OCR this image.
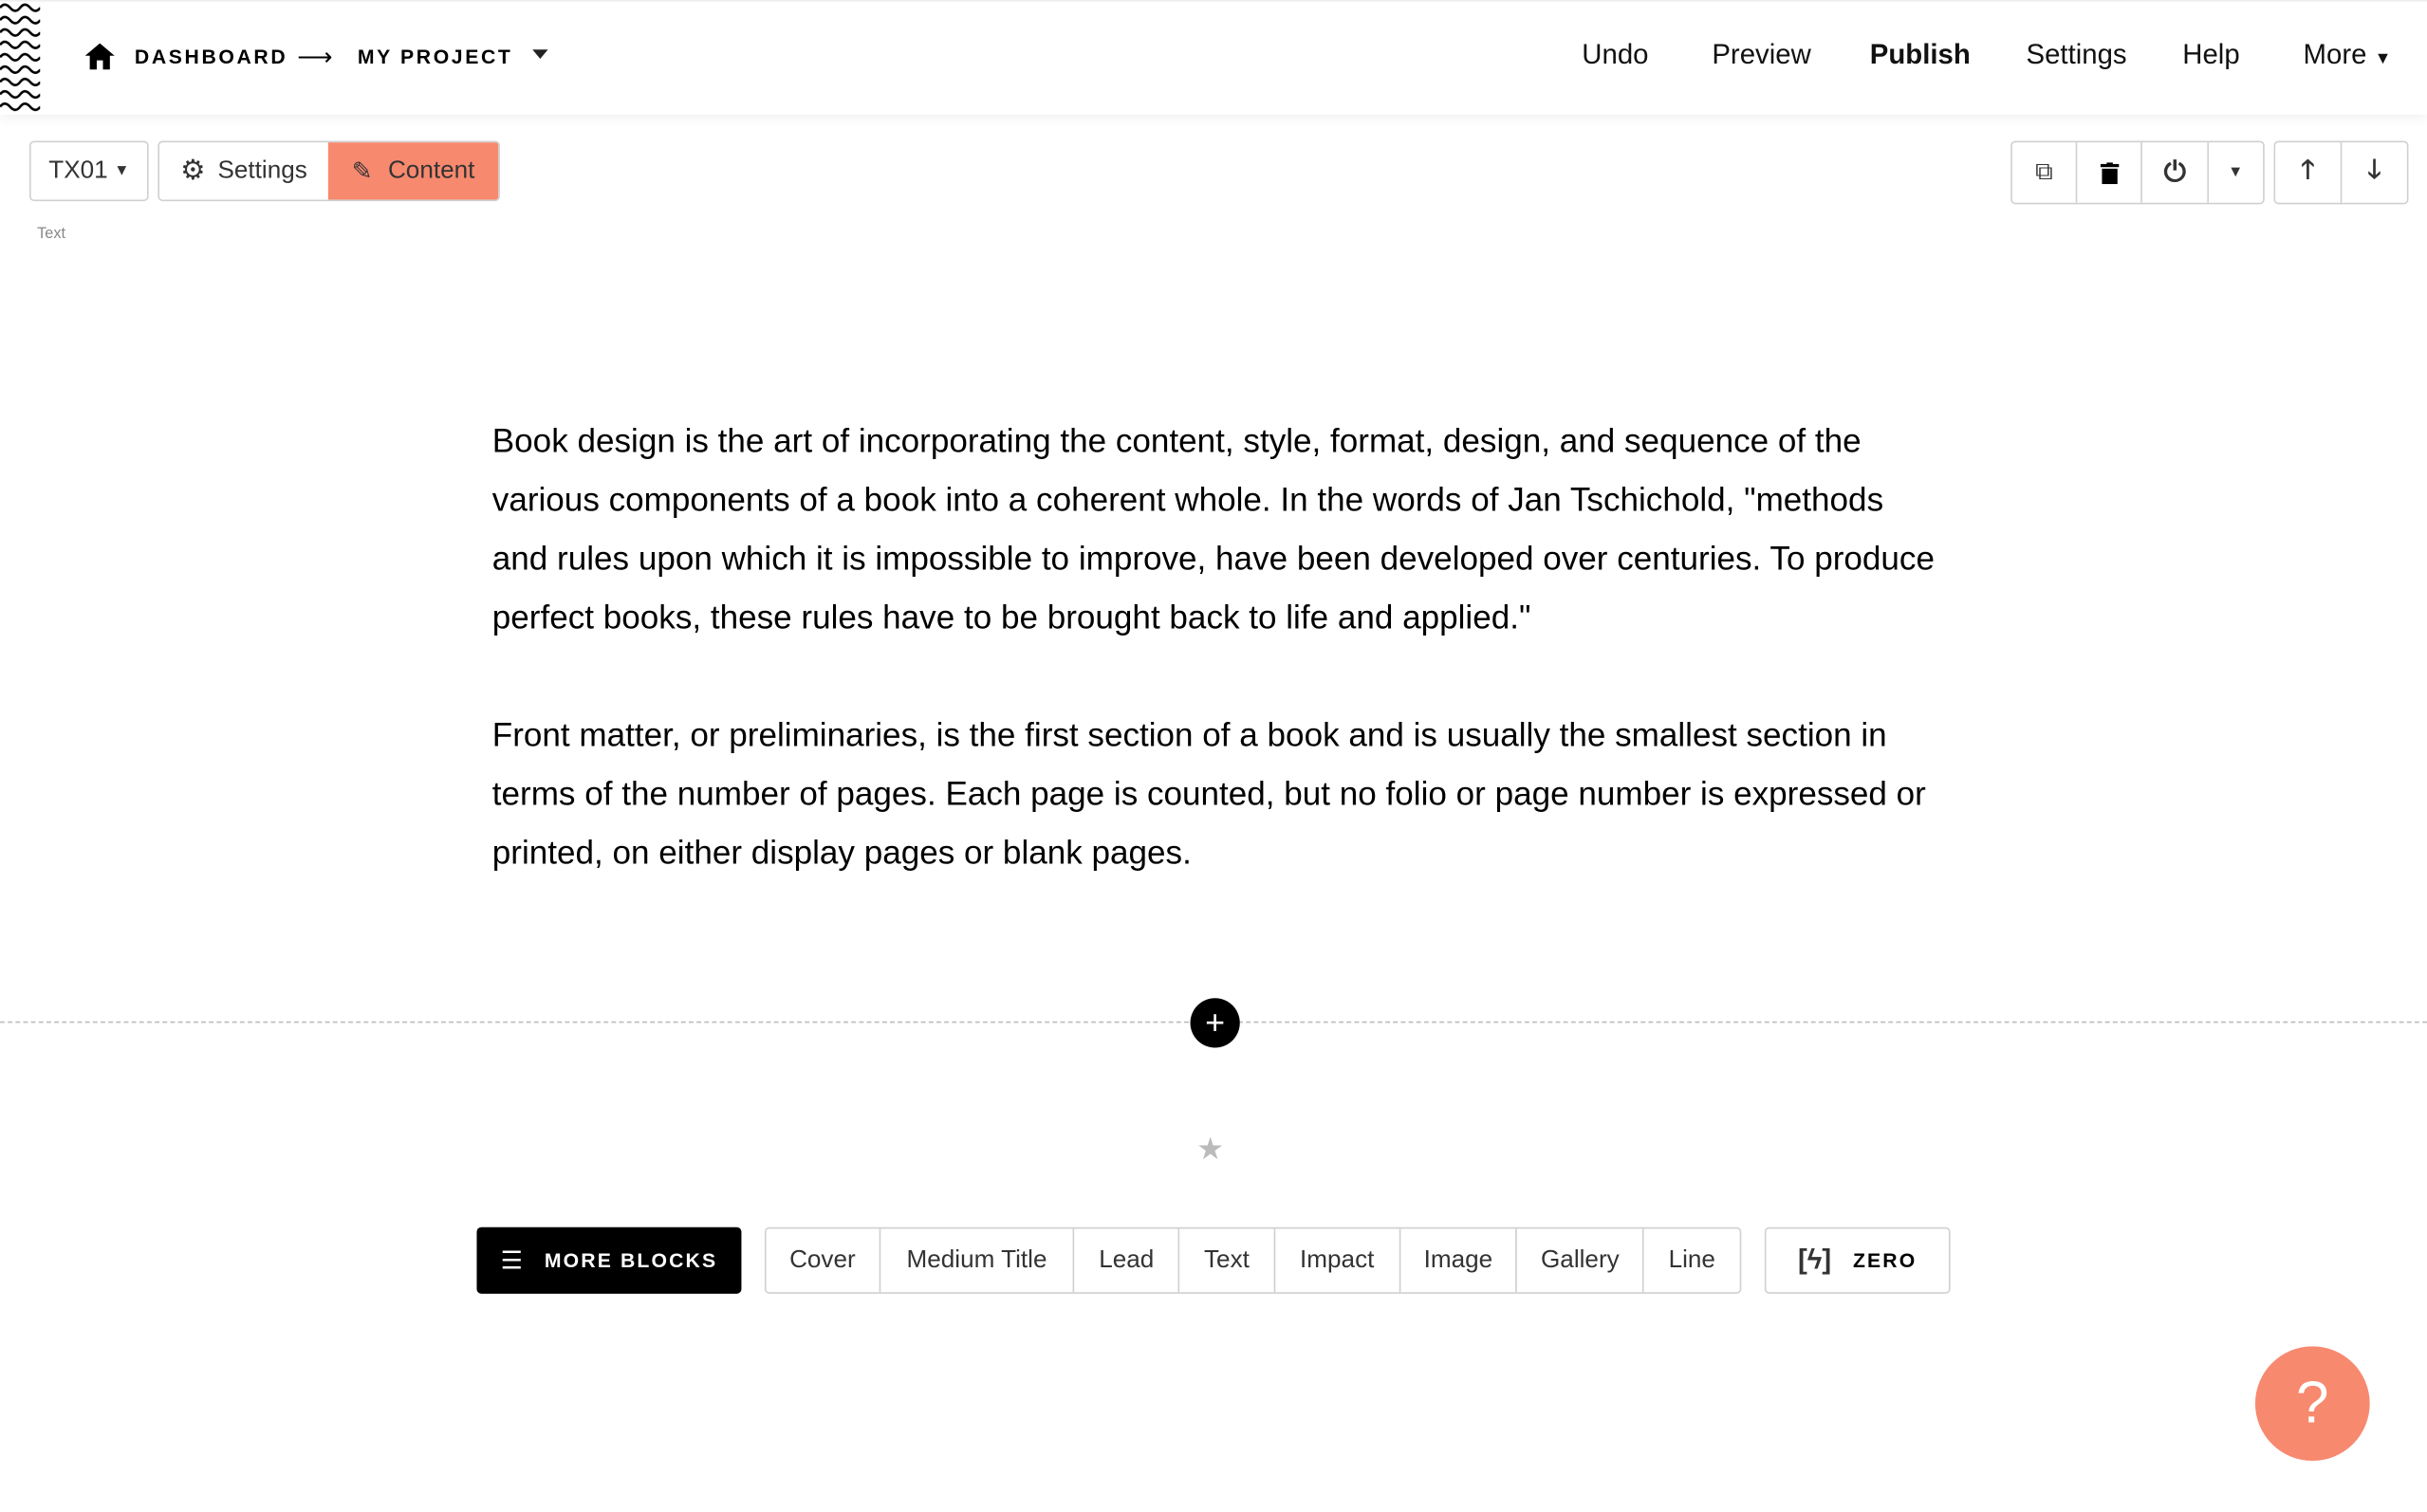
DASHBOARD ⟶ MY PROJECT	Undo	Preview	Publish	Settings	Help	More ▼
TX01 ▼	⚙ Settings	✎ Content
Text
⧉	⏻	▼	🡑	🡓

Book design is the art of incorporating the content, style, format, design, and sequence of the various components of a book into a coherent whole. In the words of Jan Tschichold, "methods and rules upon which it is impossible to improve, have been developed over centuries. To produce perfect books, these rules have to be brought back to life and applied."

Front matter, or preliminaries, is the first section of a book and is usually the smallest section in terms of the number of pages. Each page is counted, but no folio or page number is expressed or printed, on either display pages or blank pages.

+
★
☰ MORE BLOCKS	Cover	Medium Title	Lead	Text	Impact	Image	Gallery	Line	[ϟ] ZERO
?
